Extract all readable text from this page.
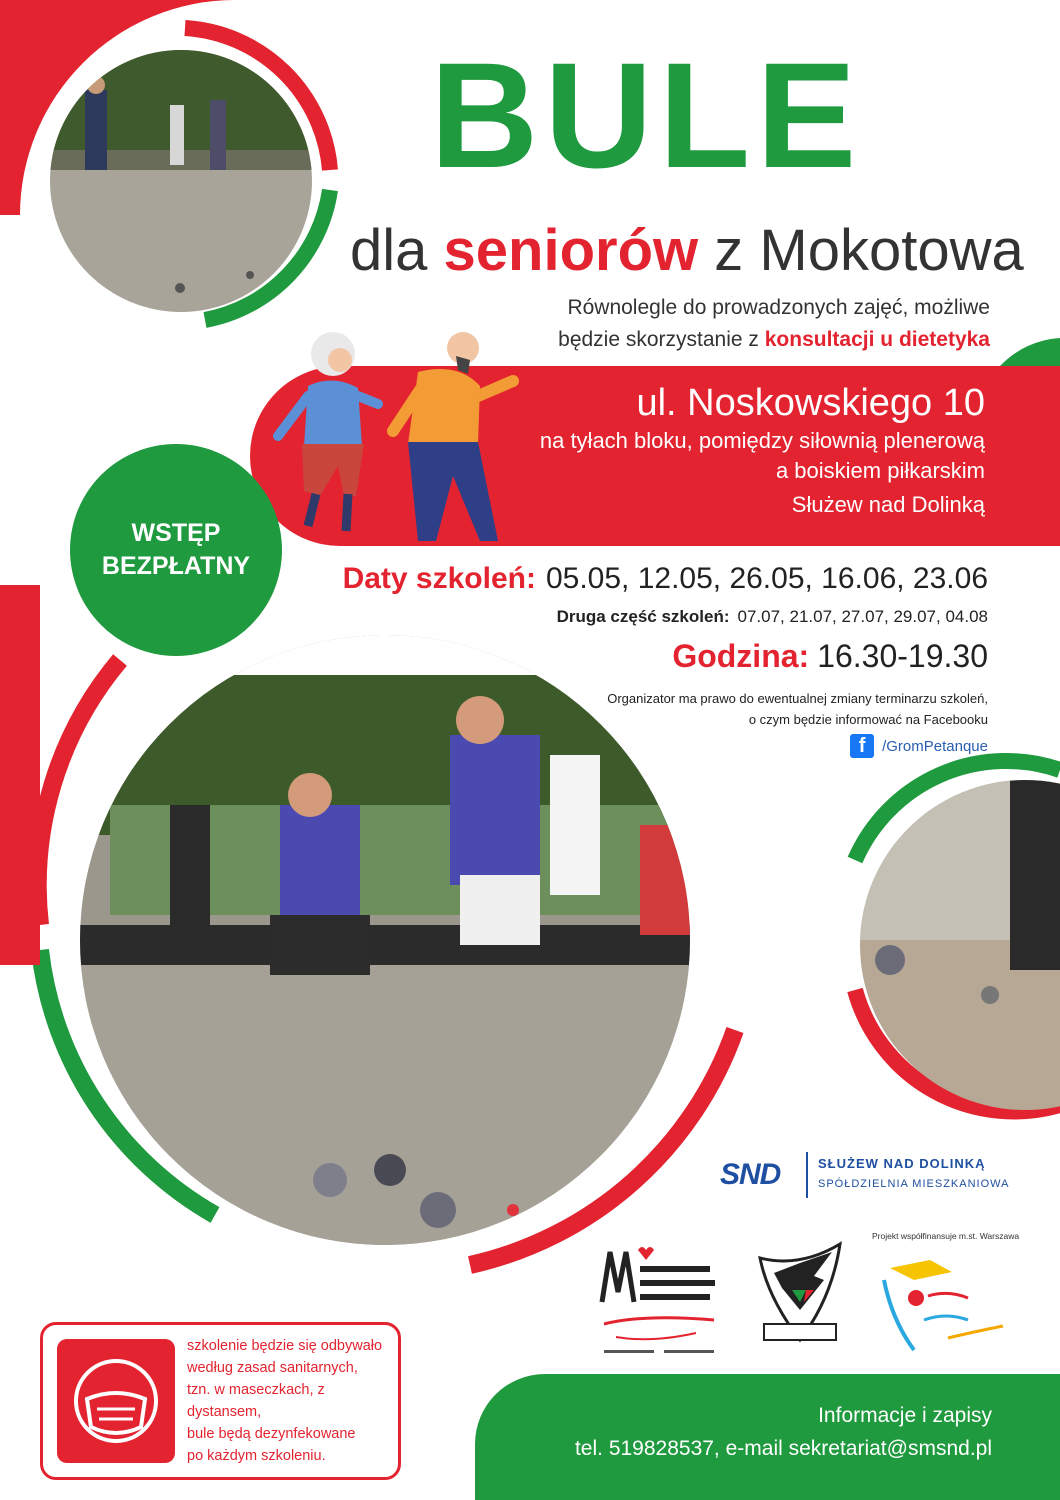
BULE
dla seniorów z Mokotowa
Równolegle do prowadzonych zajęć, możliwe
będzie skorzystanie z konsultacji u dietetyka
ul. Noskowskiego 10
na tyłach bloku, pomiędzy siłownią plenerową
a boiskiem piłkarskim
Służew nad Dolinką
WSTĘP
BEZPŁATNY	Daty szkoleń: 05.05, 12.05, 26.05, 16.06, 23.06
Druga część szkoleń: 07.07, 21.07, 27.07, 29.07, 04.08
Godzina: 16.30-19.30
Organizator ma prawo do ewentualnej zmiany terminarzu szkoleń,
o czym będzie informować na Facebooku
f	/GromPetanque
SND	SŁUŻEW NAD DOLINKĄ
SPÓŁDZIELNIA MIESZKANIOWA
Projekt współfinansuje m.st. Warszawa
szkolenie będzie się odbywało
według zasad sanitarnych,
tzn. w maseczkach, z dystansem,
bule będą dezynfekowane
po każdym szkoleniu.
Informacje i zapisy
tel. 519828537, e-mail sekretariat@smsnd.pl
